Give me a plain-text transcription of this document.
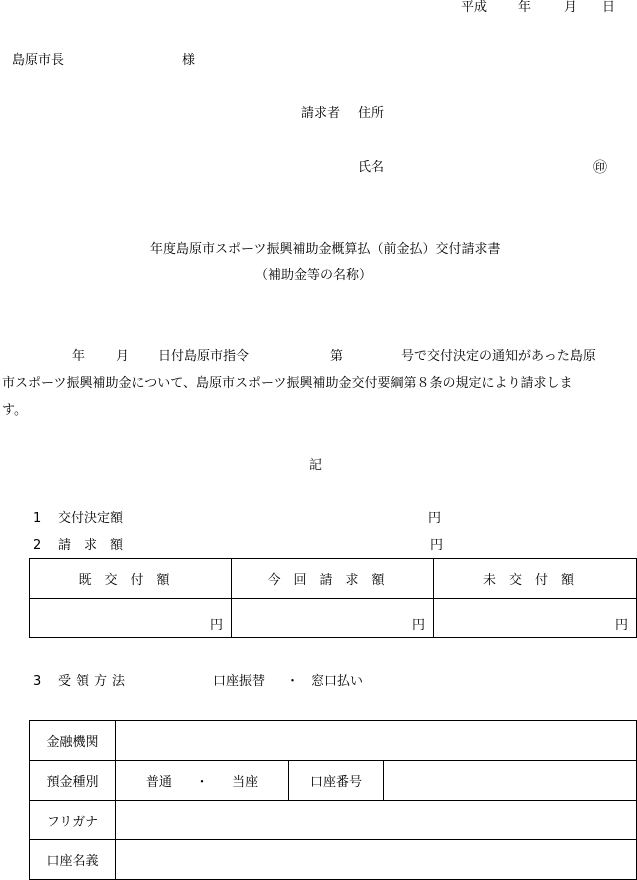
平成 年	月 日
島原市長	様
請求者 住所
氏名	㊞
年度島原市スポーツ振興補助金概算払（前金払）交付請求書
（補助金等の名称）
年 月 日付島原市指令	第	号で交付決定の通知があった島原
市スポーツ振興補助金について、島原市スポーツ振興補助金交付要綱第８条の規定により請求しま
す。
記
1 交付決定額	円
2 請求額	円
既交付額	今回請求額	未交付額
円	円	円
3 受領方法	口座振替 ・ 窓口払い
金融機関			
預金種別	普通 ・ 当座	口座番号	
フリガナ			
口座名義			
